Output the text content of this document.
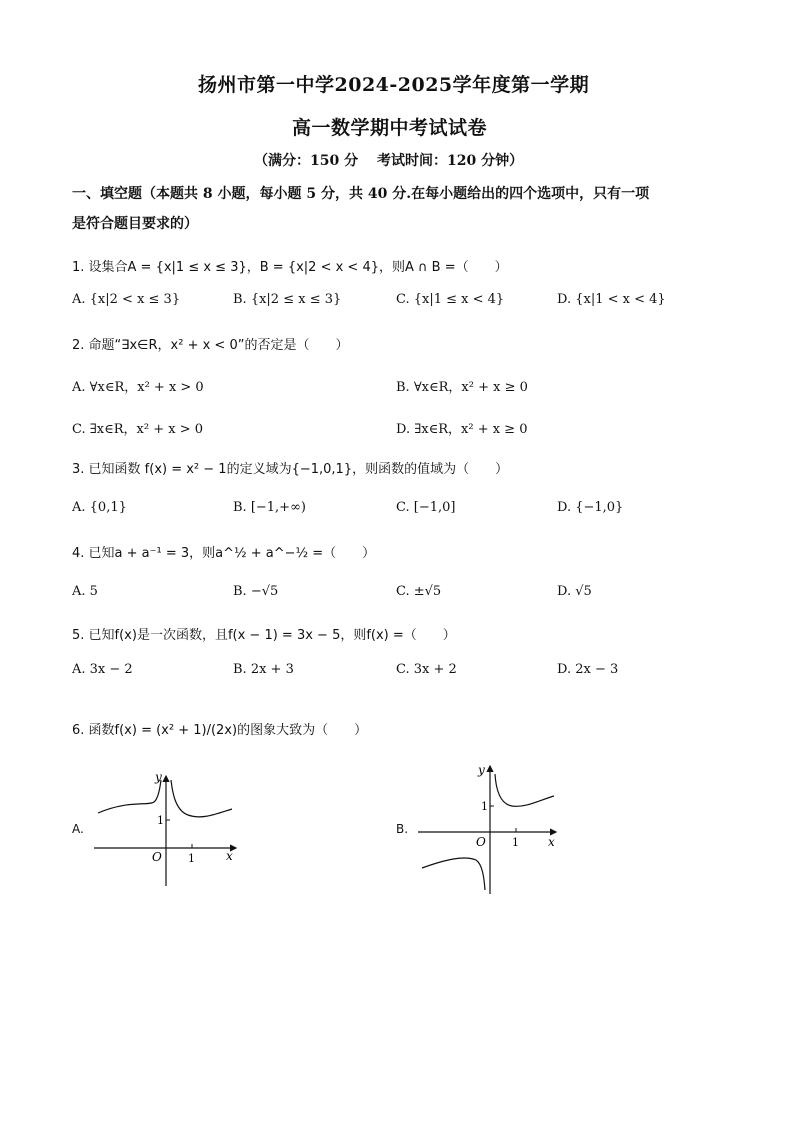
扬州市第一中学2024-2025学年度第一学期
高一数学期中考试试卷
（满分：150 分　 考试时间：120 分钟）
一、填空题（本题共 8 小题，每小题 5 分，共 40 分.在每小题给出的四个选项中，只有一项
是符合题目要求的）
1. 设集合A = {x|1 ≤ x ≤ 3}，B = {x|2 < x < 4}，则A ∩ B =（　　）
A. {x|2 < x ≤ 3}	B. {x|2 ≤ x ≤ 3}	C. {x|1 ≤ x < 4}	D. {x|1 < x < 4}
2. 命题“∃x∈R，x² + x < 0”的否定是（　　）
A. ∀x∈R，x² + x > 0	B. ∀x∈R，x² + x ≥ 0
C. ∃x∈R，x² + x > 0	D. ∃x∈R，x² + x ≥ 0
3. 已知函数 f(x) = x² − 1的定义域为{−1,0,1}，则函数的值域为（　　）
A. {0,1}	B. [−1,+∞)	C. [−1,0]	D. {−1,0}
4. 已知a + a⁻¹ = 3，则a^½ + a^−½ =（　　）
A. 5	B. −√5	C. ±√5	D. √5
5. 已知f(x)是一次函数，且f(x − 1) = 3x − 5，则f(x) =（　　）
A. 3x − 2	B. 2x + 3	C. 3x + 2	D. 2x − 3
6. 函数f(x) = (x² + 1)/(2x)的图象大致为（　　）
A.	B.
y
x
O 1
1
y
x
O 1
1
